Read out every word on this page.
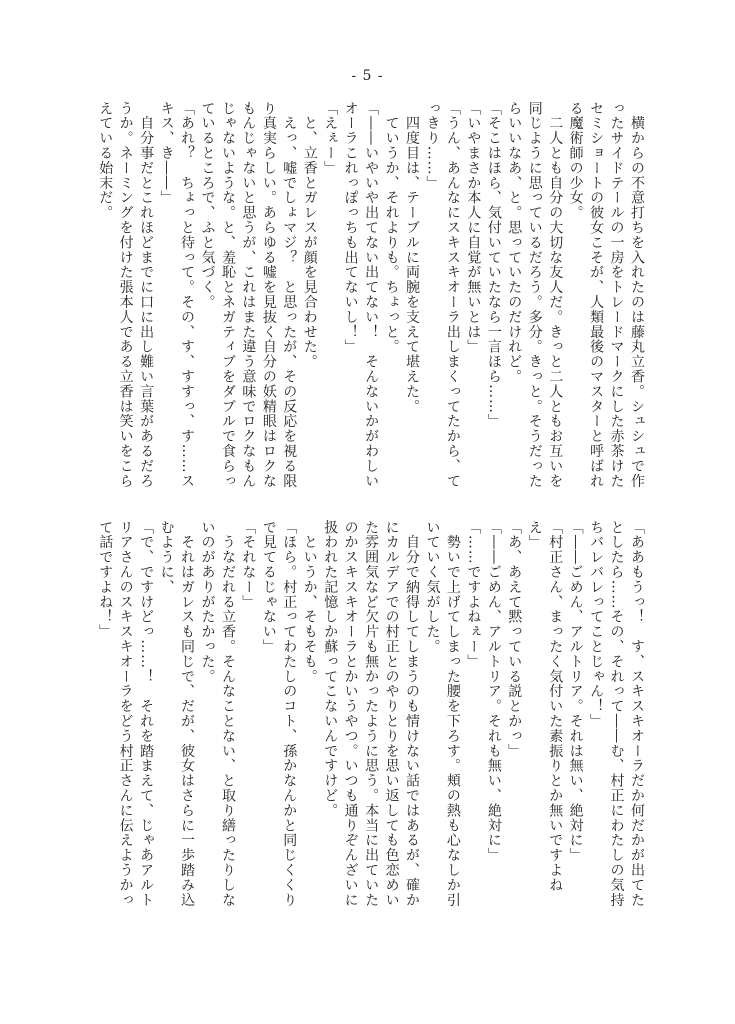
- 5 -
　横からの不意打ちを入れたのは藤丸立香。シュシュで作
ったサイドテールの一房をトレードマークにした赤茶けた
セミショートの彼女こそが、人類最後のマスターと呼ばれ
る魔術師の少女。
　二人とも自分の大切な友人だ。きっと二人ともお互いを
同じように思っているだろう。多分。きっと。そうだった
らいいなあ、と。思っていたのだけれど。
「そこはほら、気付いていたなら一言ほら……」
「いやまさか本人に自覚が無いとは」
「うん、あんなにスキスキオーラ出しまくってたから、て
っきり……」
　四度目は、テーブルに両腕を支えて堪えた。
　ていうか、それよりも。ちょっと。
「――いやいや出てない出てない！　そんないかがわしい
オーラこれっぽっちも出てないし！」
「えぇー」
　と、立香とガレスが顔を見合わせた。
　えっ、嘘でしょマジ？　と思ったが、その反応を視る限
り真実らしい。あらゆる嘘を見抜く自分の妖精眼はロクな
もんじゃないと思うが、これはまた違う意味でロクなもん
じゃないような。と、羞恥とネガティブをダブルで食らっ
ているところで、ふと気づく。
「あれ？　ちょっと待って。その、す、すすっ、す……ス
キス、き――」
　自分事だとこれほどまでに口に出し難い言葉があるだろ
うか。ネーミングを付けた張本人である立香は笑いをこら
えている始末だ。
「ああもうっ！　す、スキスキオーラだか何だかが出てた
としたら……その、それって――む、村正にわたしの気持
ちバレバレってことじゃん！」
「――ごめん、アルトリア。それは無い、絶対に」
「村正さん、まったく気付いた素振りとか無いですよね
え」
「あ、あえて黙っている説とかっ」
「――ごめん、アルトリア。それも無い、絶対に」
「……ですよねぇー」
　勢いで上げてしまった腰を下ろす。頬の熱も心なしか引
いていく気がした。
　自分で納得してしまうのも情けない話ではあるが、確か
にカルデアでの村正とのやりとりを思い返しても色恋めい
た雰囲気など欠片も無かったように思う。本当に出ていた
のかスキスキオーラとかいうやつ。いつも通りぞんざいに
扱われた記憶しか蘇ってこないんですけど。
　というか、そもそも。
「ほら。村正ってわたしのコト、孫かなんかと同じくくり
で見てるじゃない」
「それなー」
　うなだれる立香。そんなことない、と取り繕ったりしな
いのがありがたかった。
　それはガレスも同じで、だが、彼女はさらに一歩踏み込
むように、
「で、ですけどっ……！　それを踏まえて、じゃあアルト
リアさんのスキスキオーラをどう村正さんに伝えようかっ
て話ですよね！」
